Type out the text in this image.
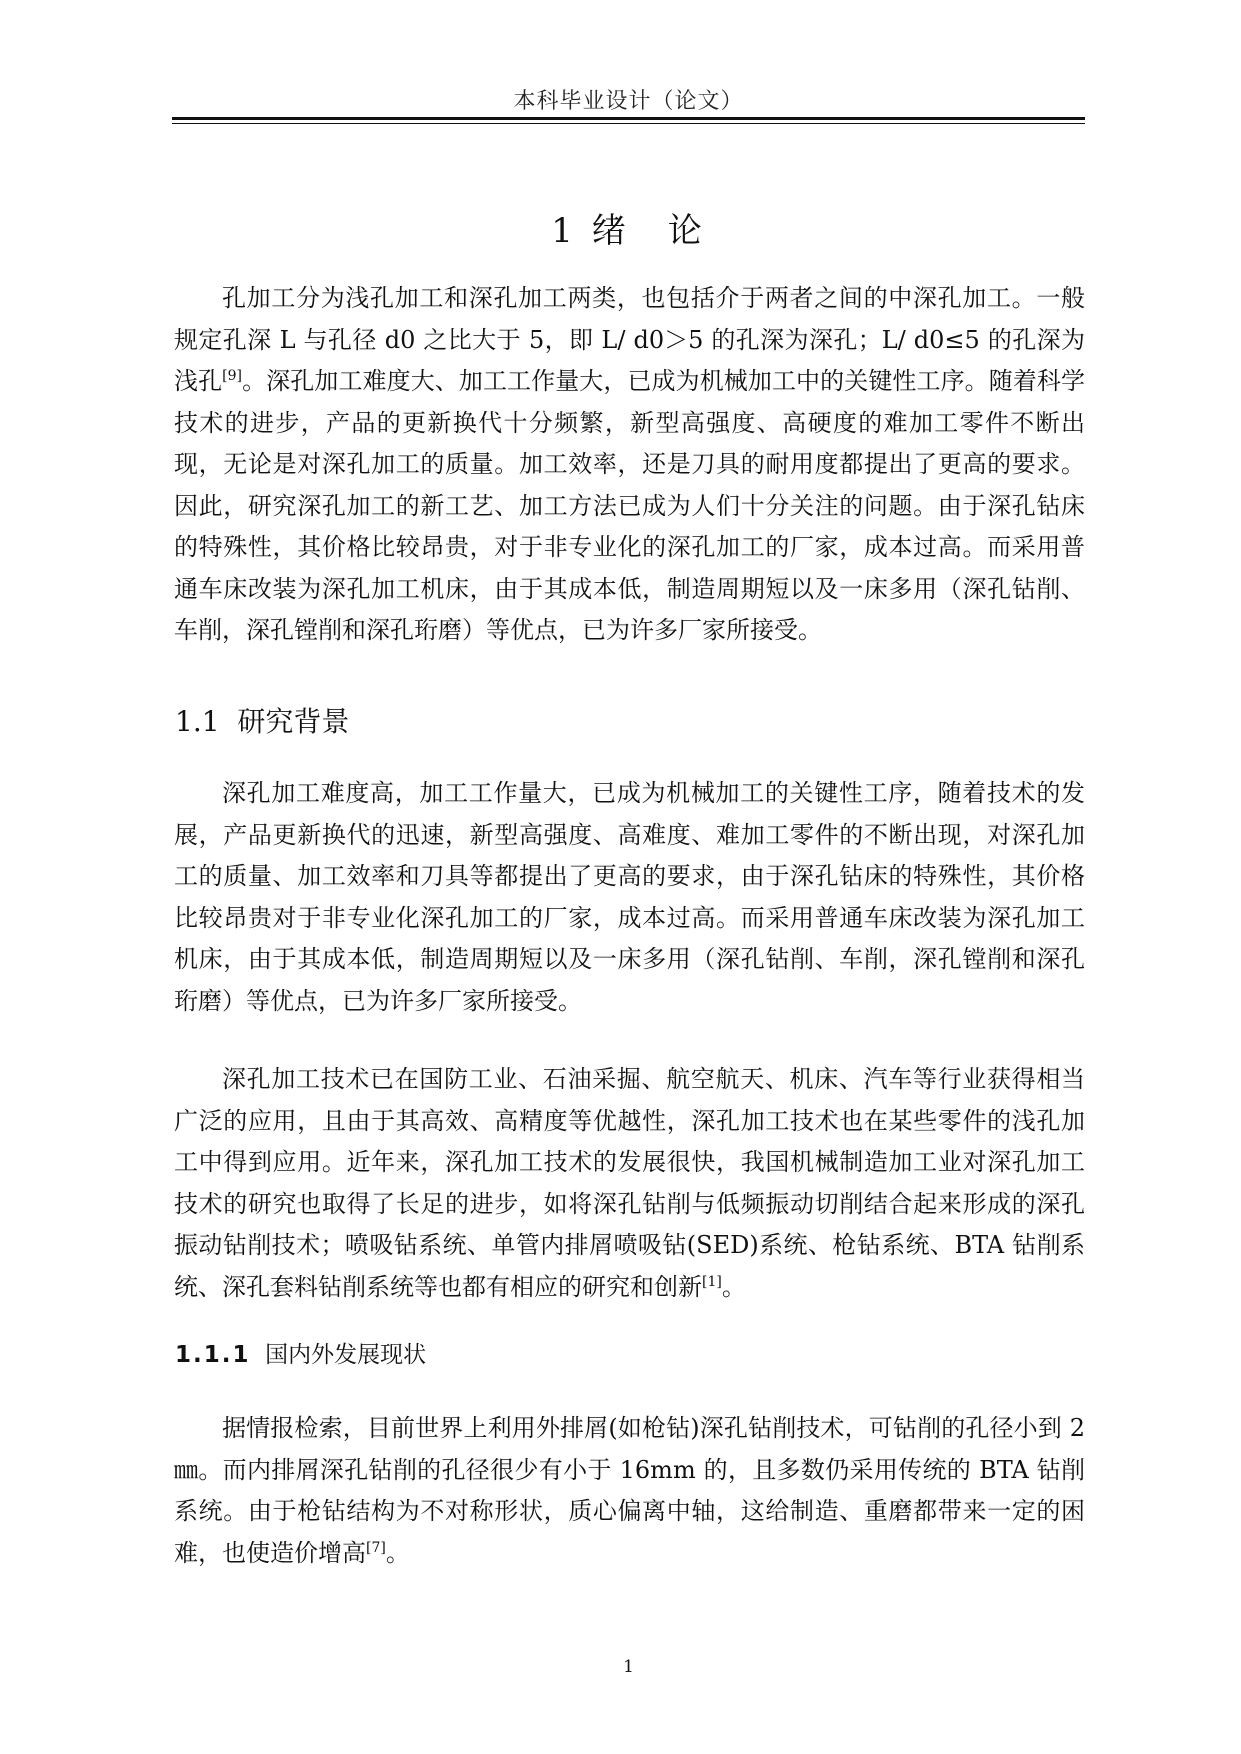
本科毕业设计（论文）
1 绪　论

孔加工分为浅孔加工和深孔加工两类，也包括介于两者之间的中深孔加工。一般规定孔深 L 与孔径 d0 之比大于 5，即 L/ d0＞5 的孔深为深孔；L/ d0≤5 的孔深为浅孔[9]。深孔加工难度大、加工工作量大，已成为机械加工中的关键性工序。随着科学技术的进步，产品的更新换代十分频繁，新型高强度、高硬度的难加工零件不断出现，无论是对深孔加工的质量。加工效率，还是刀具的耐用度都提出了更高的要求。因此，研究深孔加工的新工艺、加工方法已成为人们十分关注的问题。由于深孔钻床的特殊性，其价格比较昂贵，对于非专业化的深孔加工的厂家，成本过高。而采用普通车床改装为深孔加工机床，由于其成本低，制造周期短以及一床多用（深孔钻削、车削，深孔镗削和深孔珩磨）等优点，已为许多厂家所接受。

1.1 研究背景

深孔加工难度高，加工工作量大，已成为机械加工的关键性工序，随着技术的发展，产品更新换代的迅速，新型高强度、高难度、难加工零件的不断出现，对深孔加工的质量、加工效率和刀具等都提出了更高的要求，由于深孔钻床的特殊性，其价格比较昂贵对于非专业化深孔加工的厂家，成本过高。而采用普通车床改装为深孔加工机床，由于其成本低，制造周期短以及一床多用（深孔钻削、车削，深孔镗削和深孔珩磨）等优点，已为许多厂家所接受。

深孔加工技术已在国防工业、石油采掘、航空航天、机床、汽车等行业获得相当广泛的应用，且由于其高效、高精度等优越性，深孔加工技术也在某些零件的浅孔加工中得到应用。近年来，深孔加工技术的发展很快，我国机械制造加工业对深孔加工技术的研究也取得了长足的进步，如将深孔钻削与低频振动切削结合起来形成的深孔振动钻削技术；喷吸钻系统、单管内排屑喷吸钻(SED)系统、枪钻系统、BTA 钻削系统、深孔套料钻削系统等也都有相应的研究和创新[1]。

1.1.1 国内外发展现状

据情报检索，目前世界上利用外排屑(如枪钻)深孔钻削技术，可钻削的孔径小到 2㎜。而内排屑深孔钻削的孔径很少有小于 16mm 的，且多数仍采用传统的 BTA 钻削系统。由于枪钻结构为不对称形状，质心偏离中轴，这给制造、重磨都带来一定的困难，也使造价增高[7]。

1
